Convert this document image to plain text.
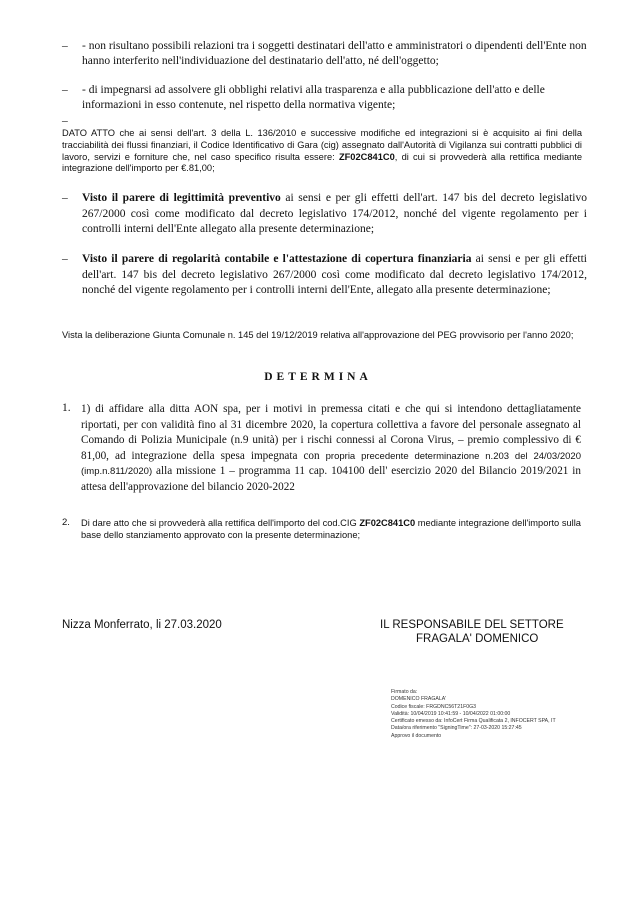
– - non risultano possibili relazioni tra i soggetti destinatari dell'atto e amministratori o dipendenti dell'Ente non hanno interferito nell'individuazione del destinatario dell'atto, né dell'oggetto;
– - di impegnarsi ad assolvere gli obblighi relativi alla trasparenza e alla pubblicazione dell'atto e delle informazioni in esso contenute, nel rispetto della normativa vigente;
–
DATO ATTO che ai sensi dell'art. 3 della L. 136/2010 e successive modifiche ed integrazioni si è acquisito ai fini della tracciabilità dei flussi finanziari, il Codice Identificativo di Gara (cig) assegnato dall'Autorità di Vigilanza sui contratti pubblici di lavoro, servizi e forniture che, nel caso specifico risulta essere: ZF02C841C0, di cui si provvederà alla rettifica mediante integrazione dell'importo per €.81,00;
– Visto il parere di legittimità preventivo ai sensi e per gli effetti dell'art. 147 bis del decreto legislativo 267/2000 così come modificato dal decreto legislativo 174/2012, nonché del vigente regolamento per i controlli interni dell'Ente allegato alla presente determinazione;
– Visto il parere di regolarità contabile e l'attestazione di copertura finanziaria ai sensi e per gli effetti dell'art. 147 bis del decreto legislativo 267/2000 così come modificato dal decreto legislativo 174/2012, nonché del vigente regolamento per i controlli interni dell'Ente, allegato alla presente determinazione;
Vista la deliberazione Giunta Comunale n. 145 del 19/12/2019 relativa all'approvazione del PEG provvisorio per l'anno 2020;
DETERMINA
1. 1) di affidare alla ditta AON spa, per i motivi in premessa citati e che qui si intendono dettagliatamente riportati, per con validità fino al 31 dicembre 2020, la copertura collettiva a favore del personale assegnato al Comando di Polizia Municipale (n.9 unità) per i rischi connessi al Corona Virus, – premio complessivo di € 81,00, ad integrazione della spesa impegnata con propria precedente determinazione n.203 del 24/03/2020 (imp.n.811/2020) alla missione 1 – programma 11 cap. 104100 dell' esercizio 2020 del Bilancio 2019/2021 in attesa dell'approvazione del bilancio 2020-2022
2. Di dare atto che si provvederà alla rettifica dell'importo del cod.CIG ZF02C841C0 mediante integrazione dell'importo sulla base dello stanziamento approvato con la presente determinazione;
Nizza Monferrato, li 27.03.2020	IL RESPONSABILE DEL SETTORE
FRAGALA' DOMENICO
Firmato da:
DOMENICO FRAGALA'
Codice fiscale: FRGDNC56T21F0G3
Validità: 10/04/2019 10:41:59 - 10/04/2022 01:00:00
Certificato emesso da: InfoCert Firma Qualificata 2, INFOCERT SPA, IT
Data/ora riferimento "SigningTime": 27-03-2020 15:27:45
Approvo il documento
